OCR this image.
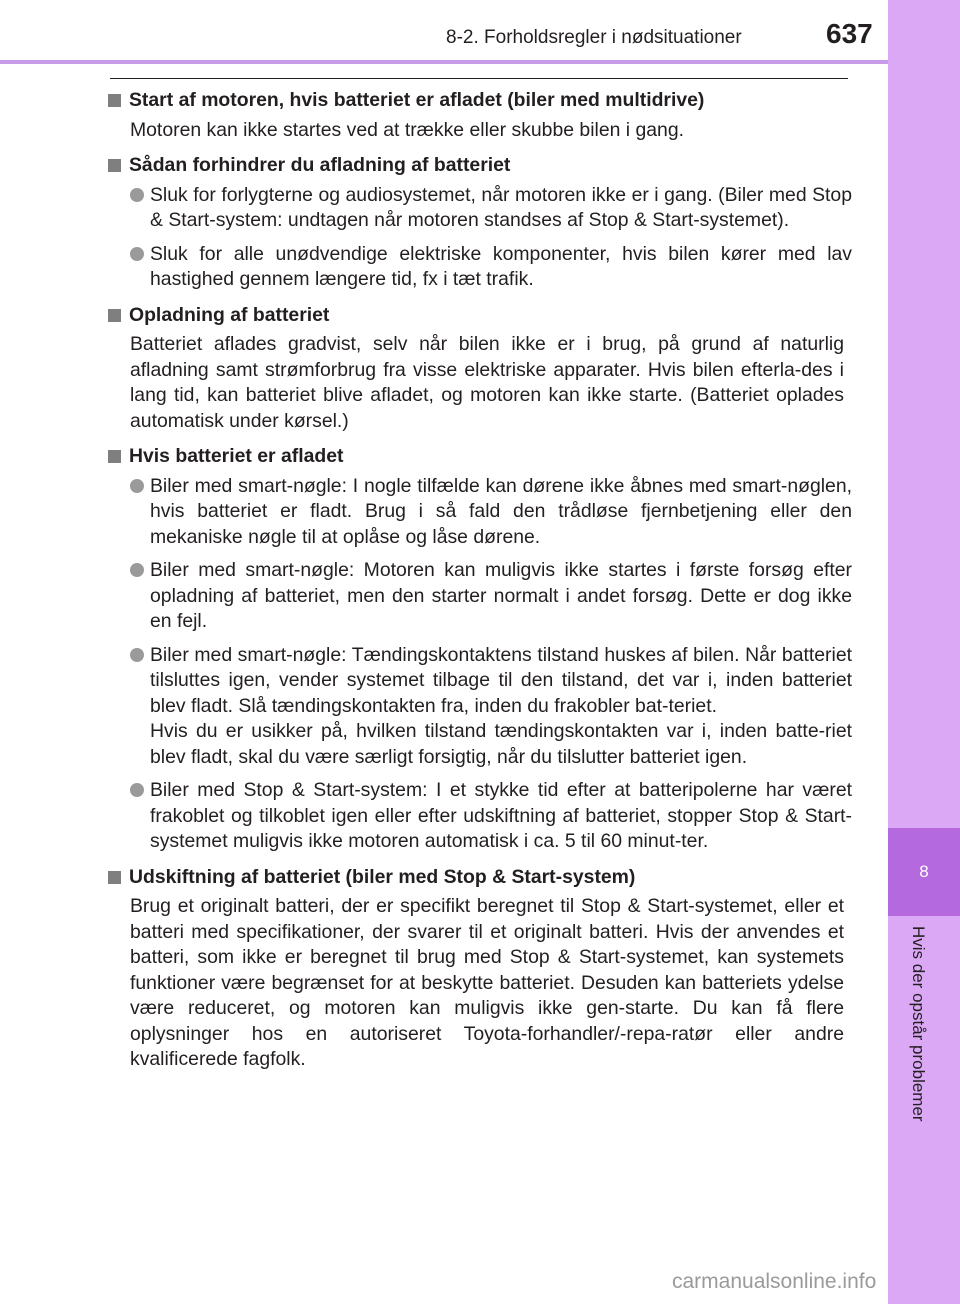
8-2. Forholdsregler i nødsituationer	637
8
Hvis der opstår problemer
Start af motoren, hvis batteriet er afladet (biler med multidrive)
Motoren kan ikke startes ved at trække eller skubbe bilen i gang.
Sådan forhindrer du afladning af batteriet
Sluk for forlygterne og audiosystemet, når motoren ikke er i gang. (Biler med Stop & Start-system: undtagen når motoren standses af Stop & Start-systemet).
Sluk for alle unødvendige elektriske komponenter, hvis bilen kører med lav hastighed gennem længere tid, fx i tæt trafik.
Opladning af batteriet
Batteriet aflades gradvist, selv når bilen ikke er i brug, på grund af naturlig afladning samt strømforbrug fra visse elektriske apparater. Hvis bilen efterla-des i lang tid, kan batteriet blive afladet, og motoren kan ikke starte. (Batteriet oplades automatisk under kørsel.)
Hvis batteriet er afladet
Biler med smart-nøgle: I nogle tilfælde kan dørene ikke åbnes med smart-nøglen, hvis batteriet er fladt. Brug i så fald den trådløse fjernbetjening eller den mekaniske nøgle til at oplåse og låse dørene.
Biler med smart-nøgle: Motoren kan muligvis ikke startes i første forsøg efter opladning af batteriet, men den starter normalt i andet forsøg. Dette er dog ikke en fejl.
Biler med smart-nøgle: Tændingskontaktens tilstand huskes af bilen. Når batteriet tilsluttes igen, vender systemet tilbage til den tilstand, det var i, inden batteriet blev fladt. Slå tændingskontakten fra, inden du frakobler bat-teriet.
Hvis du er usikker på, hvilken tilstand tændingskontakten var i, inden batte-riet blev fladt, skal du være særligt forsigtig, når du tilslutter batteriet igen.
Biler med Stop & Start-system: I et stykke tid efter at batteripolerne har været frakoblet og tilkoblet igen eller efter udskiftning af batteriet, stopper Stop & Start-systemet muligvis ikke motoren automatisk i ca. 5 til 60 minut-ter.
Udskiftning af batteriet (biler med Stop & Start-system)
Brug et originalt batteri, der er specifikt beregnet til Stop & Start-systemet, eller et batteri med specifikationer, der svarer til et originalt batteri. Hvis der anvendes et batteri, som ikke er beregnet til brug med Stop & Start-systemet, kan systemets funktioner være begrænset for at beskytte batteriet. Desuden kan batteriets ydelse være reduceret, og motoren kan muligvis ikke gen-starte. Du kan få flere oplysninger hos en autoriseret Toyota-forhandler/-repa-ratør eller andre kvalificerede fagfolk.
carmanualsonline.info
